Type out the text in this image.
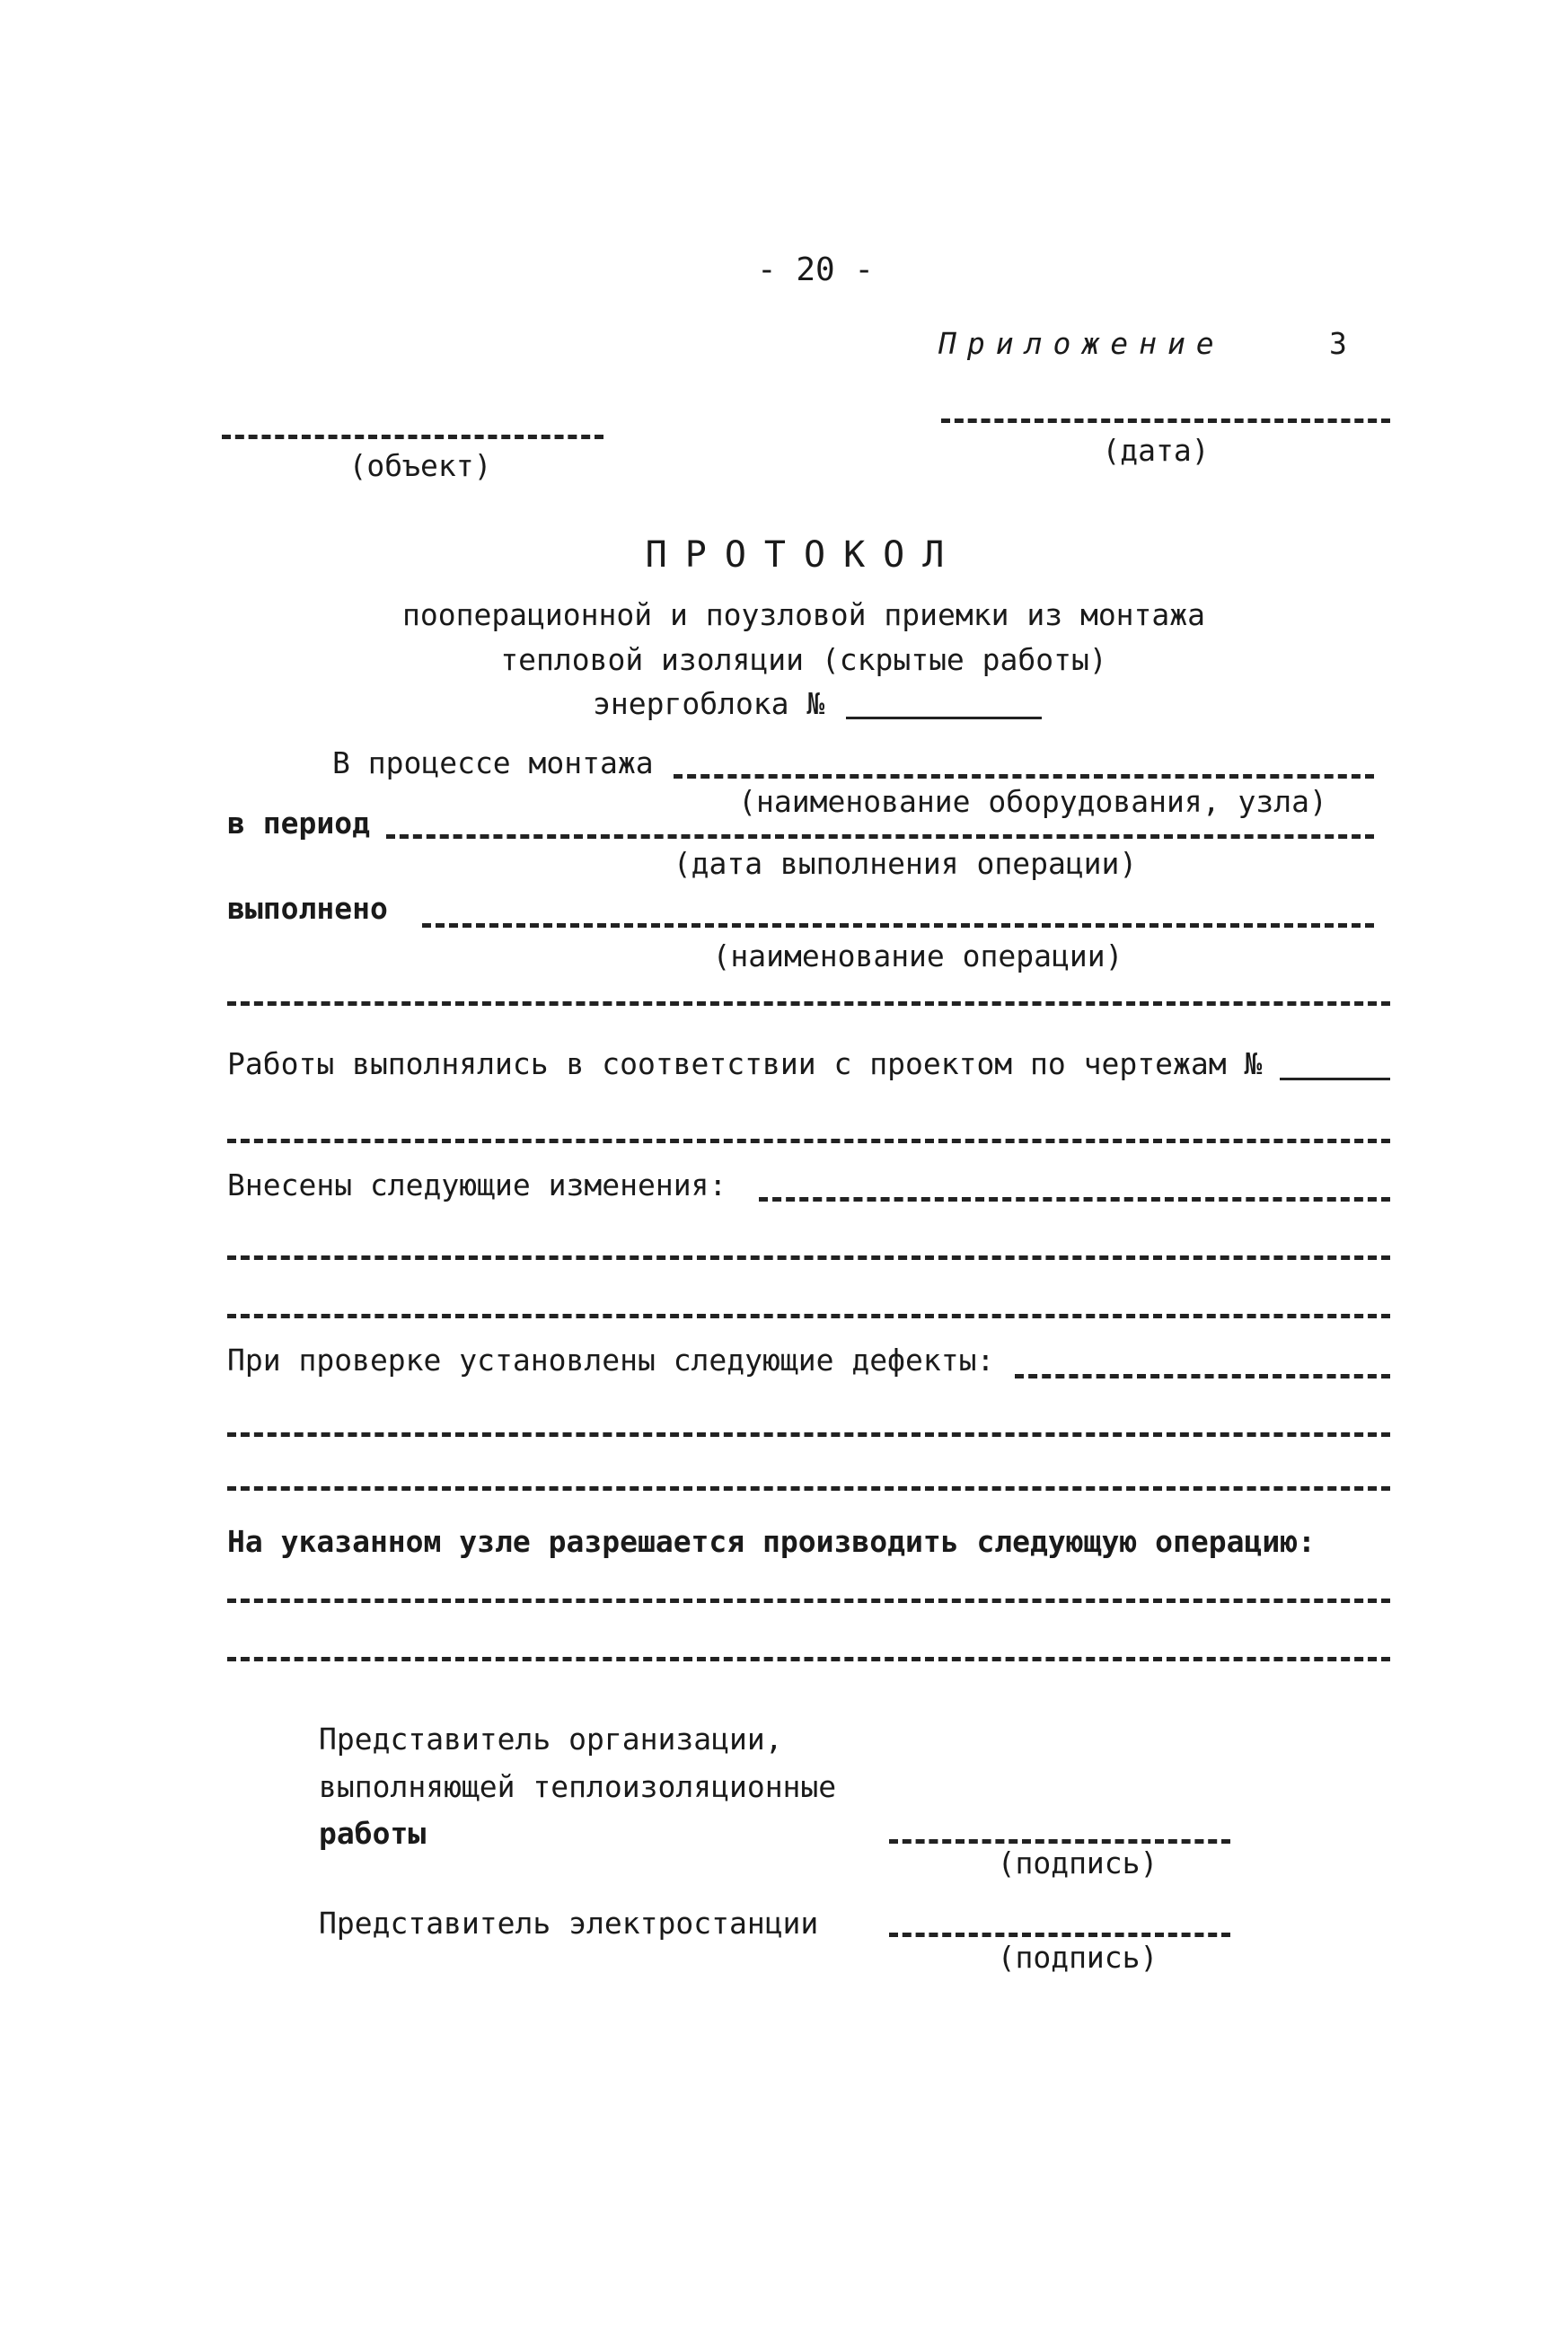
- 20 -
Приложение	3
(объект)	(дата)
ПРОТОКОЛ
пооперационной и поузловой приемки из монтажа
тепловой изоляции (скрытые работы)
энергоблока №
В процессе монтажа
(наименование оборудования, узла)
в период
(дата выполнения операции)
выполнено
(наименование операции)
Работы выполнялись в соответствии с проектом по чертежам №
Внесены следующие изменения:
При проверке установлены следующие дефекты:
На указанном узле разрешается производить следующую операцию:
Представитель организации,
выполняющей теплоизоляционные
работы
(подпись)
Представитель электростанции
(подпись)
